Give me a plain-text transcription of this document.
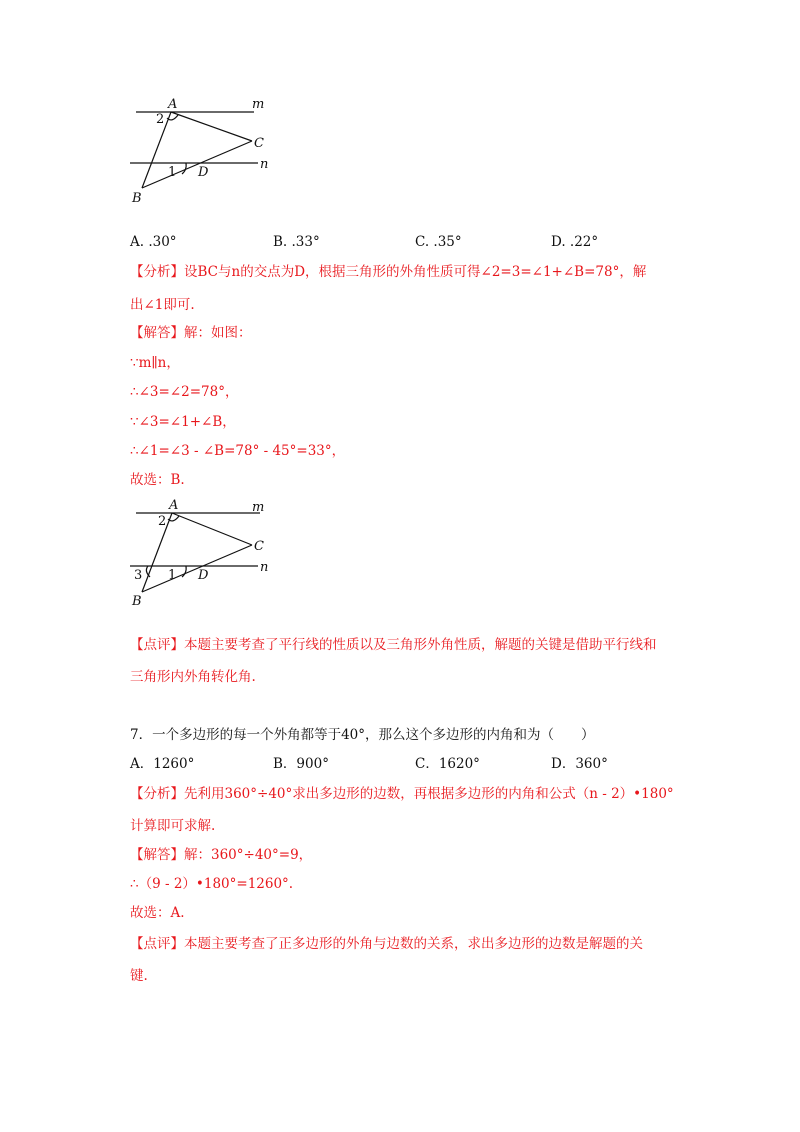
A	m
2
C
1 D
n
B
A. .30°	B. .33°	C. .35°	D. .22°
【分析】设BC与n的交点为D，根据三角形的外角性质可得∠2=3=∠1+∠B=78°，解
出∠1即可.
【解答】解：如图：
∵m∥n，
∴∠3=∠2=78°，
∵∠3=∠1+∠B，
∴∠1=∠3 - ∠B=78° - 45°=33°，
故选：B.
A	m
2
C
3 1 D
n
B
【点评】本题主要考查了平行线的性质以及三角形外角性质，解题的关键是借助平行线和
三角形内外角转化角.
7．一个多边形的每一个外角都等于40°，那么这个多边形的内角和为（　　）
A．1260°	B．900°	C．1620°	D．360°
【分析】先利用360°÷40°求出多边形的边数，再根据多边形的内角和公式（n - 2）•180°
计算即可求解.
【解答】解：360°÷40°=9，
∴（9 - 2）•180°=1260°.
故选：A.
【点评】本题主要考查了正多边形的外角与边数的关系，求出多边形的边数是解题的关
键.
